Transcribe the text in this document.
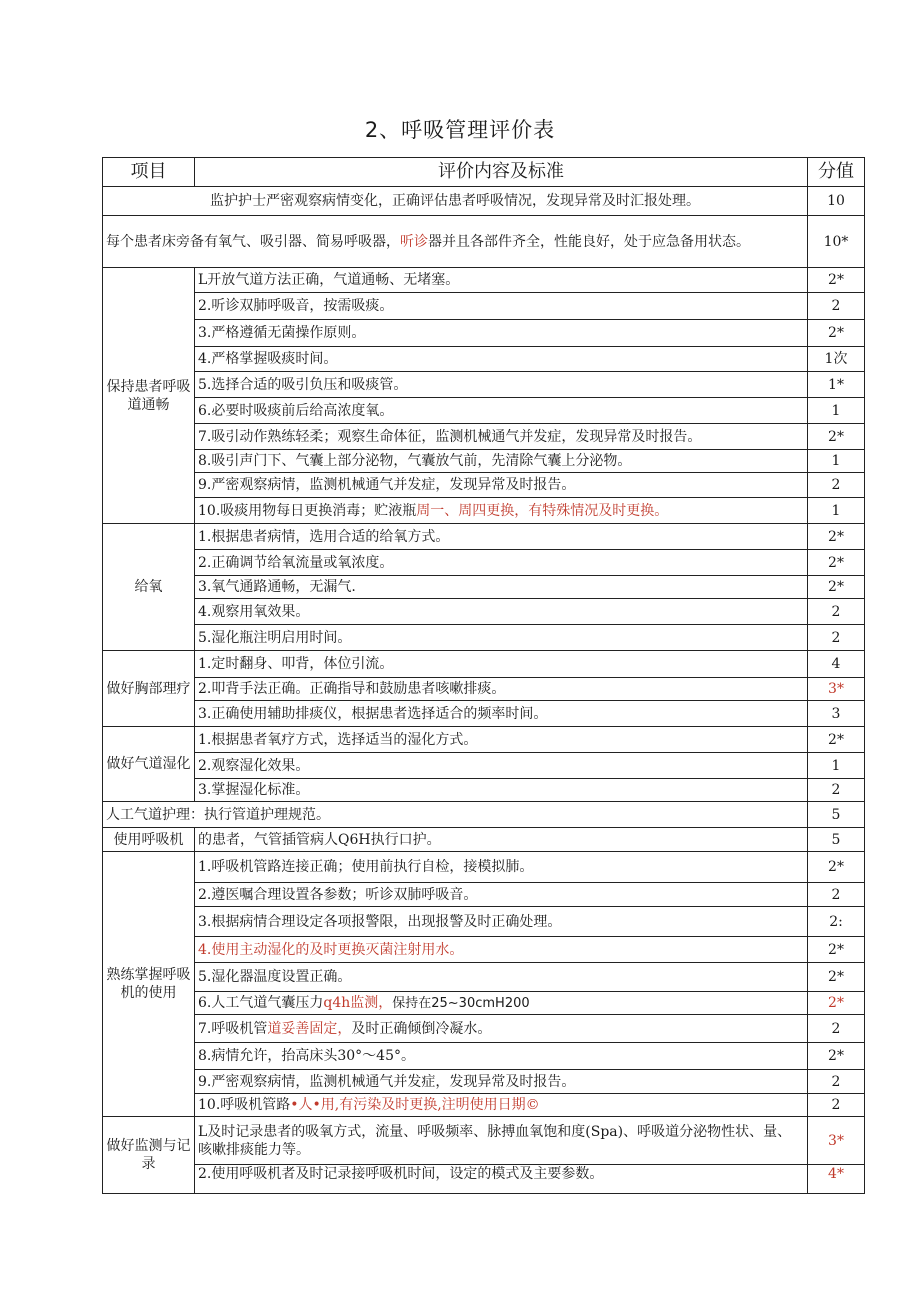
2、呼吸管理评价表
项目	评价内容及标准	分值
监护护士严密观察病情变化，正确评估患者呼吸情况，发现异常及时汇报处理。		10
每个患者床旁备有氧气、吸引器、简易呼吸器，听诊器并且各部件齐全，性能良好，处于应急备用状态。		10*
保持患者呼吸道通畅	L开放气道方法正确，气道通畅、无堵塞。	2*
	2.听诊双肺呼吸音，按需吸痰。	2
	3.严格遵循无菌操作原则。	2*
	4.严格掌握吸痰时间。	1次
	5.选择合适的吸引负压和吸痰管。	1*
	6.必要时吸痰前后给高浓度氧。	1
	7.吸引动作熟练轻柔；观察生命体征，监测机械通气并发症，发现异常及时报告。	2*
	8.吸引声门下、气囊上部分泌物，气囊放气前，先清除气囊上分泌物。	1
	9.严密观察病情，监测机械通气并发症，发现异常及时报告。	2
	10.吸痰用物每日更换消毒；贮液瓶周一、周四更换，有特殊情况及时更换。	1
给氧	1.根据患者病情，选用合适的给氧方式。	2*
	2.正确调节给氧流量或氧浓度。	2*
	3.氧气通路通畅，无漏气.	2*
	4.观察用氧效果。	2
	5.湿化瓶注明启用时间。	2
做好胸部理疗	1.定时翻身、叩背，体位引流。	4
	2.叩背手法正确。正确指导和鼓励患者咳嗽排痰。	3*
	3.正确使用辅助排痰仪，根据患者选择适合的频率时间。	3
做好气道湿化	1.根据患者氧疗方式，选择适当的湿化方式。	2*
	2.观察湿化效果。	1
	3.掌握湿化标准。	2
人工气道护理：执行管道护理规范。		5
使用呼吸机	的患者，气管插管病人Q6H执行口护。	5
熟练掌握呼吸机的使用	1.呼吸机管路连接正确；使用前执行自检，接模拟肺。	2*
	2.遵医嘱合理设置各参数；听诊双肺呼吸音。	2
	3.根据病情合理设定各项报警限，出现报警及时正确处理。	2:
	4.使用主动湿化的及时更换灭菌注射用水。	2*
	5.湿化器温度设置正确。	2*
	6.人工气道气囊压力q4h监测，保持在25~30cmH200	2*
	7.呼吸机管道妥善固定，及时正确倾倒冷凝水。	2
	8.病情允许，抬高床头30°～45°。	2*
	9.严密观察病情，监测机械通气并发症，发现异常及时报告。	2
	10.呼吸机管路•人•用,有污染及时更换,注明使用日期©	2
做好监测与记录	L及时记录患者的吸氧方式，流量、呼吸频率、脉搏血氧饱和度(Spa)、呼吸道分泌物性状、量、咳嗽排痰能力等。	3*
	2.使用呼吸机者及时记录接呼吸机时间，设定的模式及主要参数。	4*
